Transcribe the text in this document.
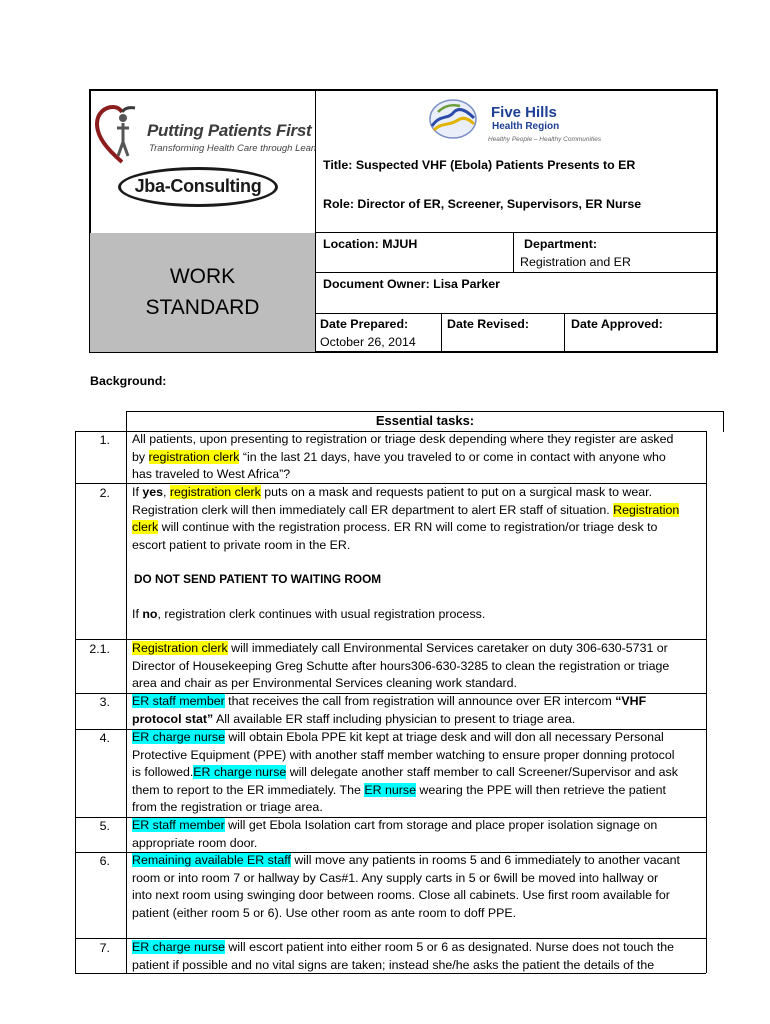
WORK
STANDARD
Putting Patients First
Transforming Health Care through Lean
Jba-Consulting
Five Hills
Health Region
Healthy People – Healthy Communities
Title: Suspected VHF (Ebola) Patients Presents to ER
Role: Director of ER, Screener, Supervisors, ER Nurse
Location: MJUH	Department:
Registration and ER
Document Owner: Lisa Parker
Date Prepared:
October 26, 2014
Date Revised:	Date Approved:
Background:
Essential tasks:
1. All patients, upon presenting to registration or triage desk depending where they register are asked
by registration clerk “in the last 21 days, have you traveled to or come in contact with anyone who
has traveled to West Africa”?
2. If yes, registration clerk puts on a mask and requests patient to put on a surgical mask to wear.
Registration clerk will then immediately call ER department to alert ER staff of situation. Registration
clerk will continue with the registration process. ER RN will come to registration/or triage desk to
escort patient to private room in the ER.
DO NOT SEND PATIENT TO WAITING ROOM
If no, registration clerk continues with usual registration process.
2.1. Registration clerk will immediately call Environmental Services caretaker on duty 306-630-5731 or
Director of Housekeeping Greg Schutte after hours306-630-3285 to clean the registration or triage
area and chair as per Environmental Services cleaning work standard.
3. ER staff member that receives the call from registration will announce over ER intercom “VHF
protocol stat” All available ER staff including physician to present to triage area.
4. ER charge nurse will obtain Ebola PPE kit kept at triage desk and will don all necessary Personal
Protective Equipment (PPE) with another staff member watching to ensure proper donning protocol
is followed.ER charge nurse will delegate another staff member to call Screener/Supervisor and ask
them to report to the ER immediately. The ER nurse wearing the PPE will then retrieve the patient
from the registration or triage area.
5. ER staff member will get Ebola Isolation cart from storage and place proper isolation signage on
appropriate room door.
6. Remaining available ER staff will move any patients in rooms 5 and 6 immediately to another vacant
room or into room 7 or hallway by Cas#1. Any supply carts in 5 or 6will be moved into hallway or
into next room using swinging door between rooms. Close all cabinets. Use first room available for
patient (either room 5 or 6). Use other room as ante room to doff PPE.
7. ER charge nurse will escort patient into either room 5 or 6 as designated. Nurse does not touch the
patient if possible and no vital signs are taken; instead she/he asks the patient the details of the
